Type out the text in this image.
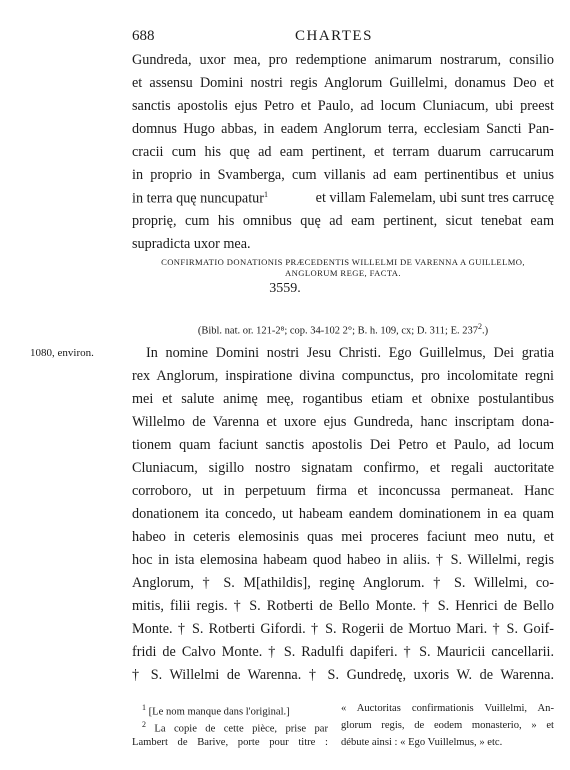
688	CHARTES
Gundreda, uxor mea, pro redemptione animarum nostrarum, consilio
et assensu Domini nostri regis Anglorum Guillelmi, donamus Deo et
sanctis apostolis ejus Petro et Paulo, ad locum Cluniacum, ubi preest
domnus Hugo abbas, in eadem Anglorum terra, ecclesiam Sancti Pan-
cracii cum his quę ad eam pertinent, et terram duarum carrucarum
in proprio in Svamberga, cum villanis ad eam pertinentibus et unius
in terra quę nuncupatur$^1$	et villam Falemelam, ubi sunt tres carrucę
proprię, cum his omnibus quę ad eam pertinent, sicut tenebat eam
supradicta uxor mea.
3559.
CONFIRMATIO DONATIONIS PRÆCEDENTIS WILLELMI DE VARENNA A GUILLELMO,
ANGLORUM REGE, FACTA.
(Bibl. nat. or. 121-2⁸; cop. 34-102 2°; B. h. 109, cx; D. 311; E. $237^2$.)
1080, environ.	In nomine Domini nostri Jesu Christi. Ego Guillelmus, Dei gratia
rex Anglorum, inspiratione divina compunctus, pro incolomitate regni
mei et salute animę meę, rogantibus etiam et obnixe postulantibus
Willelmo de Varenna et uxore ejus Gundreda, hanc inscriptam dona-
tionem quam faciunt sanctis apostolis Dei Petro et Paulo, ad locum
Cluniacum, sigillo nostro signatam confirmo, et regali auctoritate
corroboro, ut in perpetuum firma et inconcussa permaneat. Hanc
donationem ita concedo, ut habeam eandem dominationem in ea quam
habeo in ceteris elemosinis quas mei proceres faciunt meo nutu, et
hoc in ista elemosina habeam quod habeo in aliis. † S. Willelmi, regis
Anglorum, † S. M[athildis], reginę Anglorum. † S. Willelmi, co-
mitis, filii regis. † S. Rotberti de Bello Monte. † S. Henrici de Bello
Monte. † S. Rotberti Gifordi. † S. Rogerii de Mortuo Mari. † S. Goif-
fridi de Calvo Monte. † S. Radulfi dapiferi. † S. Mauricii cancellarii.
† S. Willelmi de Warenna. † S. Gundredę, uxoris W. de Warenna.
$^1$ [Le nom manque dans l'original.]
$^2$ La copie de cette pièce, prise par
Lambert de Barive, porte pour titre :
« Auctoritas confirmationis Vuillelmi, An-
glorum regis, de eodem monasterio, » et
débute ainsi : « Ego Vuillelmus, » etc.
